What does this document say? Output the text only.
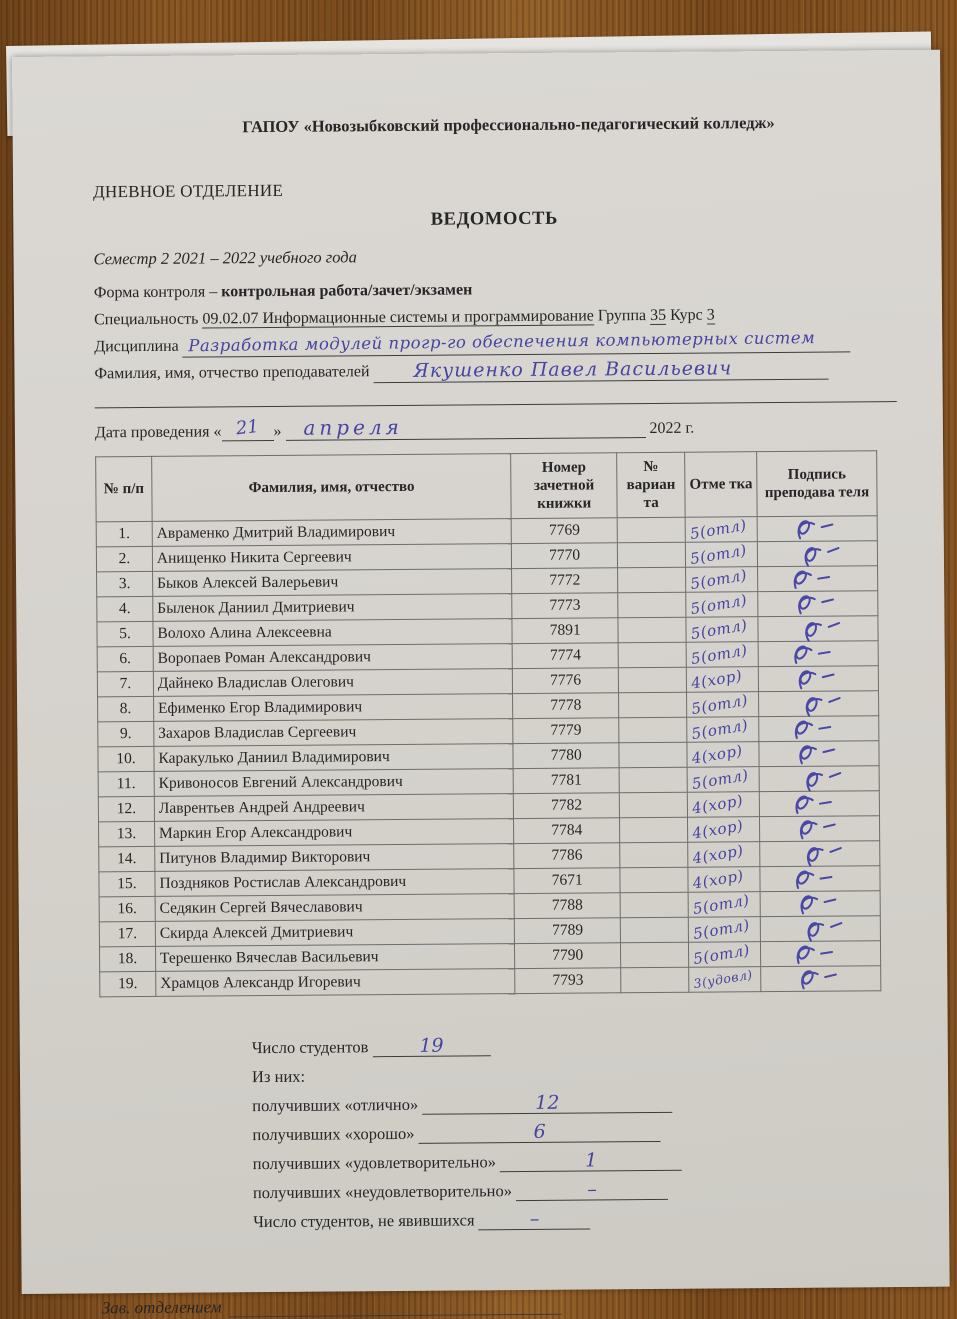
ГАПОУ «Новозыбковский профессионально-педагогический колледж»
ДНЕВНОЕ ОТДЕЛЕНИЕ
ВЕДОМОСТЬ
Семестр 2 2021 – 2022 учебного года
Форма контроля – контрольная работа/зачет/экзамен
Специальность 09.02.07 Информационные системы и программирование Группа 35 Курс 3
Дисциплина Разработка модулей прогр-го обеспечения компьютерных систем
Фамилия, имя, отчество преподавателей Якушенко Павел Васильевич
Дата проведения « 21 » апреля	2022 г.
№ п/п	Фамилия, имя, отчество	Номер зачетной книжки	№ вариан та	Отме тка	Подпись преподава теля
1.	Авраменко Дмитрий Владимирович	7769		5(отл)	

2.	Анищенко Никита Сергеевич	7770		5(отл)	

3.	Быков Алексей Валерьевич	7772		5(отл)	

4.	Быленок Даниил Дмитриевич	7773		5(отл)	

5.	Волохо Алина Алексеевна	7891		5(отл)	

6.	Воропаев Роман Александрович	7774		5(отл)	

7.	Дайнеко Владислав Олегович	7776		4(хор)	

8.	Ефименко Егор Владимирович	7778		5(отл)	

9.	Захаров Владислав Сергеевич	7779		5(отл)	

10.	Каракулько Даниил Владимирович	7780		4(хор)	

11.	Кривоносов Евгений Александрович	7781		5(отл)	

12.	Лаврентьев Андрей Андреевич	7782		4(хор)	

13.	Маркин Егор Александрович	7784		4(хор)	

14.	Питунов Владимир Викторович	7786		4(хор)	

15.	Поздняков Ростислав Александрович	7671		4(хор)	

16.	Седякин Сергей Вячеславович	7788		5(отл)	

17.	Скирда Алексей Дмитриевич	7789		5(отл)	

18.	Терешенко Вячеслав Васильевич	7790		5(отл)	

19.	Храмцов Александр Игоревич	7793		3(удовл)	
Число студентов	19
Из них:
получивших «отлично»	12
получивших «хорошо»	6
получивших «удовлетворительно»	1
получивших «неудовлетворительно»	–
Число студентов, не явившихся	–
Зав. отделением
